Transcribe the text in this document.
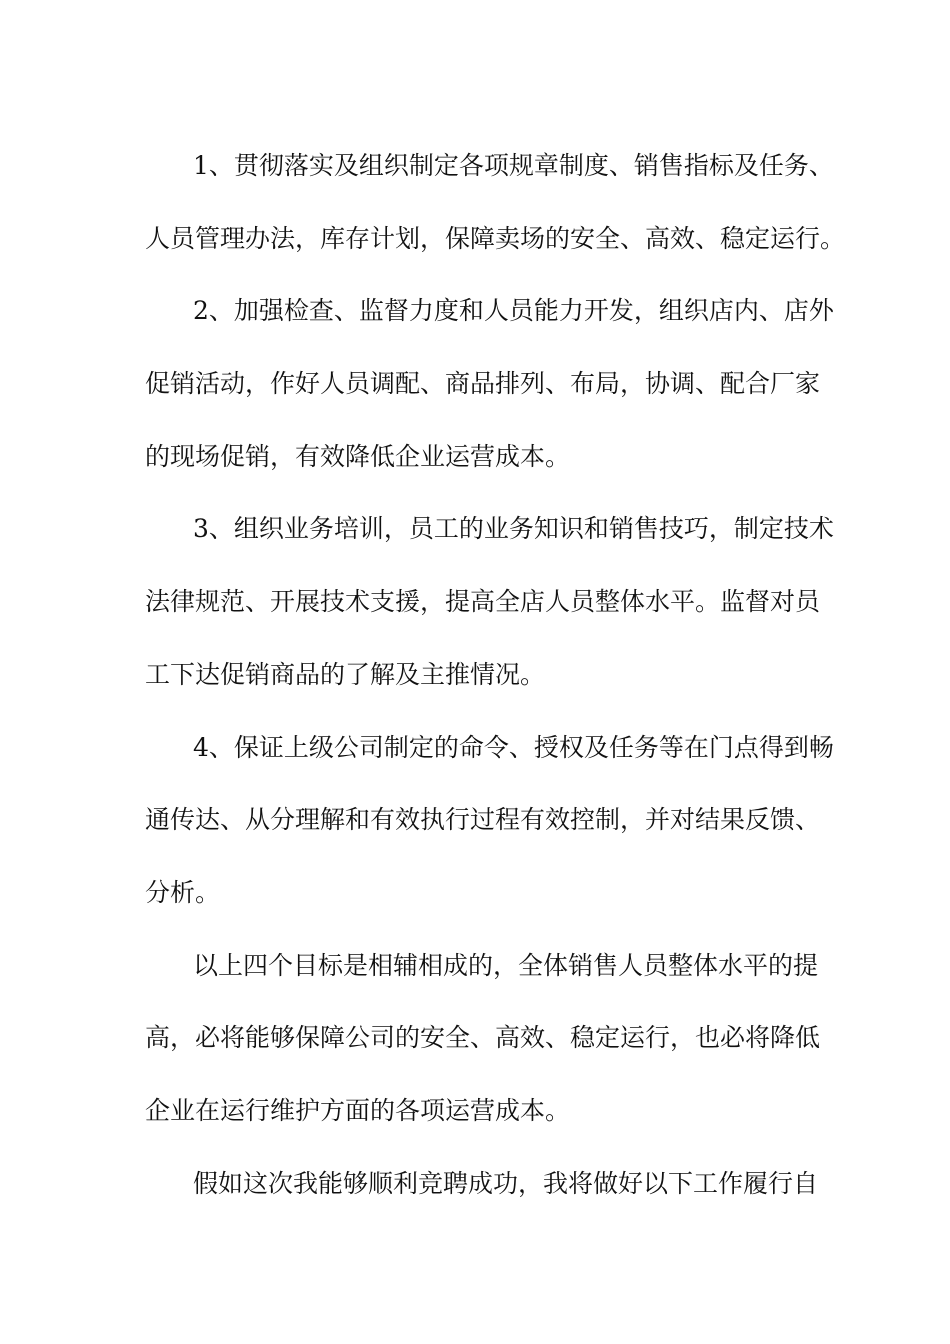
1、贯彻落实及组织制定各项规章制度、销售指标及任务、
人员管理办法，库存计划，保障卖场的安全、高效、稳定运行。
2、加强检查、监督力度和人员能力开发，组织店内、店外
促销活动，作好人员调配、商品排列、布局，协调、配合厂家
的现场促销，有效降低企业运营成本。
3、组织业务培训，员工的业务知识和销售技巧，制定技术
法律规范、开展技术支援，提高全店人员整体水平。监督对员
工下达促销商品的了解及主推情况。
4、保证上级公司制定的命令、授权及任务等在门点得到畅
通传达、从分理解和有效执行过程有效控制，并对结果反馈、
分析。
以上四个目标是相辅相成的，全体销售人员整体水平的提
高，必将能够保障公司的安全、高效、稳定运行，也必将降低
企业在运行维护方面的各项运营成本。
假如这次我能够顺利竞聘成功，我将做好以下工作履行自
